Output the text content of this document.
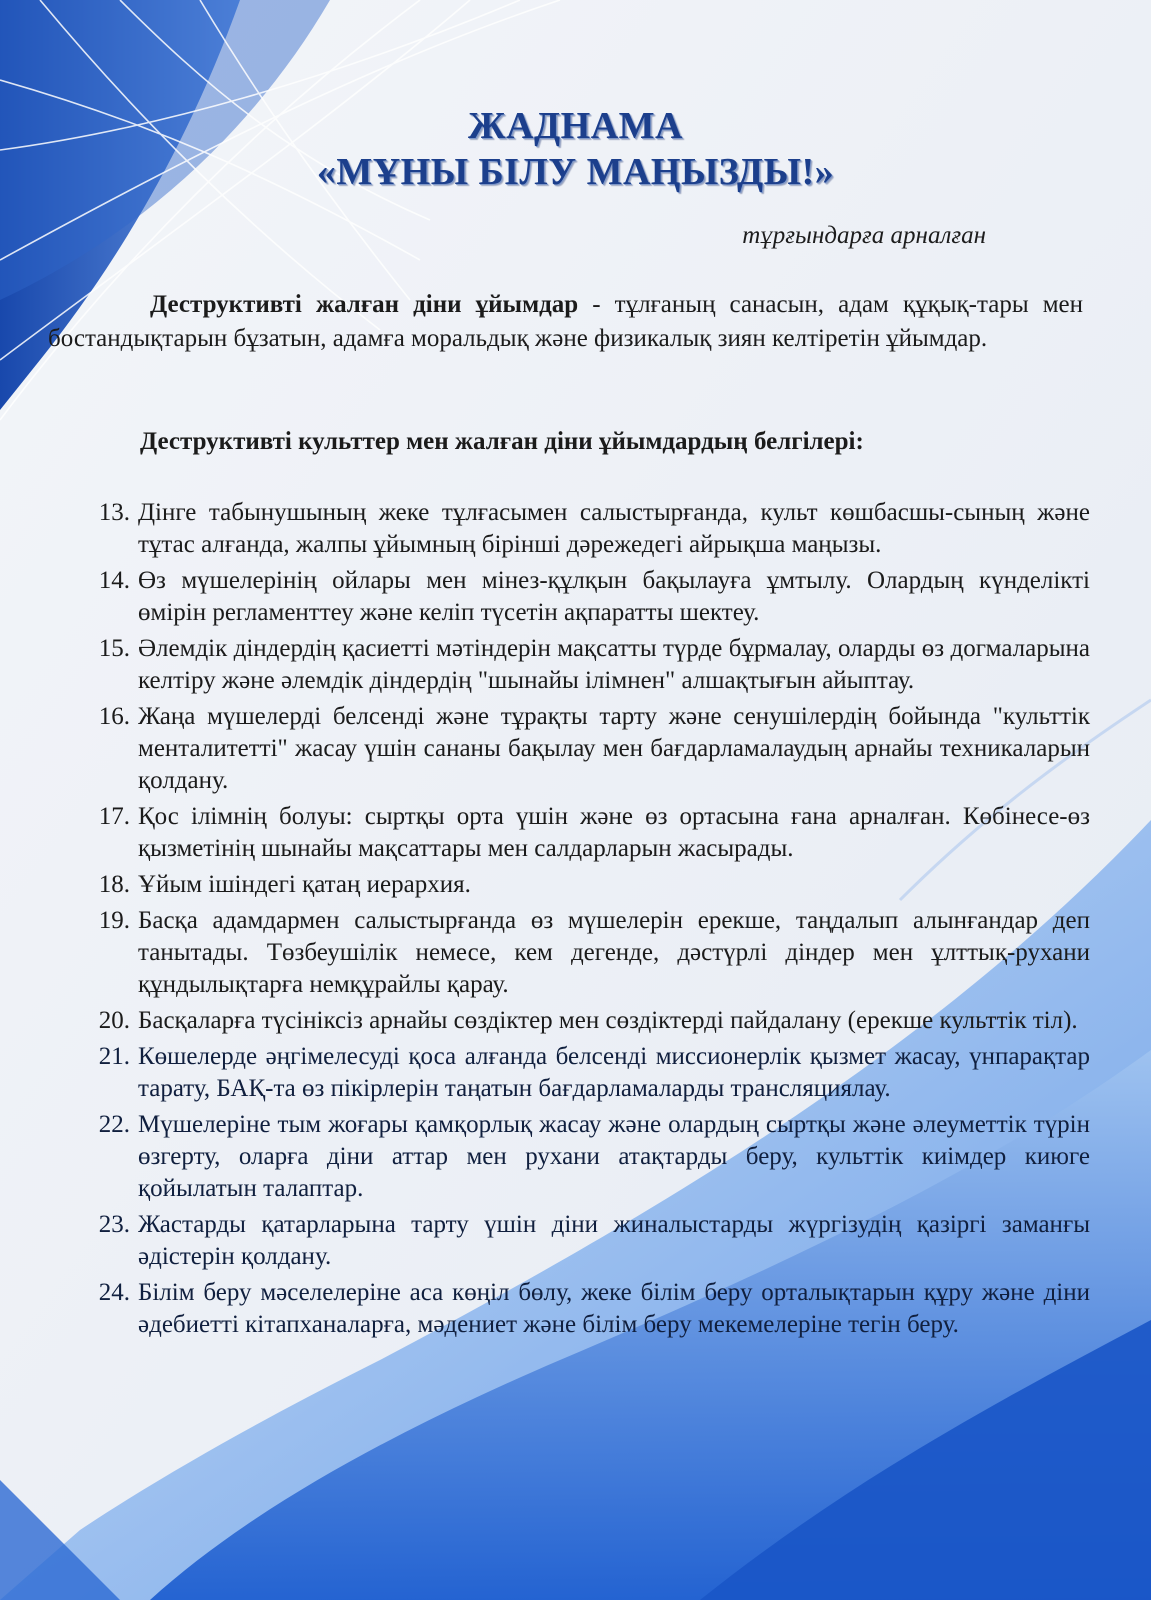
ЖАДНАМА
«МҰНЫ БІЛУ МАҢЫЗДЫ!»
тұрғындарға арналған
Деструктивті жалған діни ұйымдар - тұлғаның санасын, адам құқық-тары мен бостандықтарын бұзатын, адамға моральдық және физикалық зиян келтіретін ұйымдар.
Деструктивті культтер мен жалған діни ұйымдардың белгілері:
13. Дінге табынушының жеке тұлғасымен салыстырғанда, культ көшбасшы-сының және тұтас алғанда, жалпы ұйымның бірінші дәрежедегі айрықша маңызы.
14. Өз мүшелерінің ойлары мен мінез-құлқын бақылауға ұмтылу. Олардың күнделікті өмірін регламенттеу және келіп түсетін ақпаратты шектеу.
15. Әлемдік діндердің қасиетті мәтіндерін мақсатты түрде бұрмалау, оларды өз догмаларына келтіру және әлемдік діндердің "шынайы ілімнен" алшақтығын айыптау.
16. Жаңа мүшелерді белсенді және тұрақты тарту және сенушілердің бойында "культтік менталитетті" жасау үшін сананы бақылау мен бағдарламалаудың арнайы техникаларын қолдану.
17. Қос ілімнің болуы: сыртқы орта үшін және өз ортасына ғана арналған. Көбінесе-өз қызметінің шынайы мақсаттары мен салдарларын жасырады.
18. Ұйым ішіндегі қатаң иерархия.
19. Басқа адамдармен салыстырғанда өз мүшелерін ерекше, таңдалып алынғандар деп танытады. Төзбеушілік немесе, кем дегенде, дәстүрлі діндер мен ұлттық-рухани құндылықтарға немқұрайлы қарау.
20. Басқаларға түсініксіз арнайы сөздіктер мен сөздіктерді пайдалану (ерекше культтік тіл).
21. Көшелерде әңгімелесуді қоса алғанда белсенді миссионерлік қызмет жасау, үнпарақтар тарату, БАҚ-та өз пікірлерін таңатын бағдарламаларды трансляциялау.
22. Мүшелеріне тым жоғары қамқорлық жасау және олардың сыртқы және әлеуметтік түрін өзгерту, оларға діни аттар мен рухани атақтарды беру, культтік киімдер киюге қойылатын талаптар.
23. Жастарды қатарларына тарту үшін діни жиналыстарды жүргізудің қазіргі заманғы әдістерін қолдану.
24. Білім беру мәселелеріне аса көңіл бөлу, жеке білім беру орталықтарын құру және діни әдебиетті кітапханаларға, мәдениет және білім беру мекемелеріне тегін беру.
